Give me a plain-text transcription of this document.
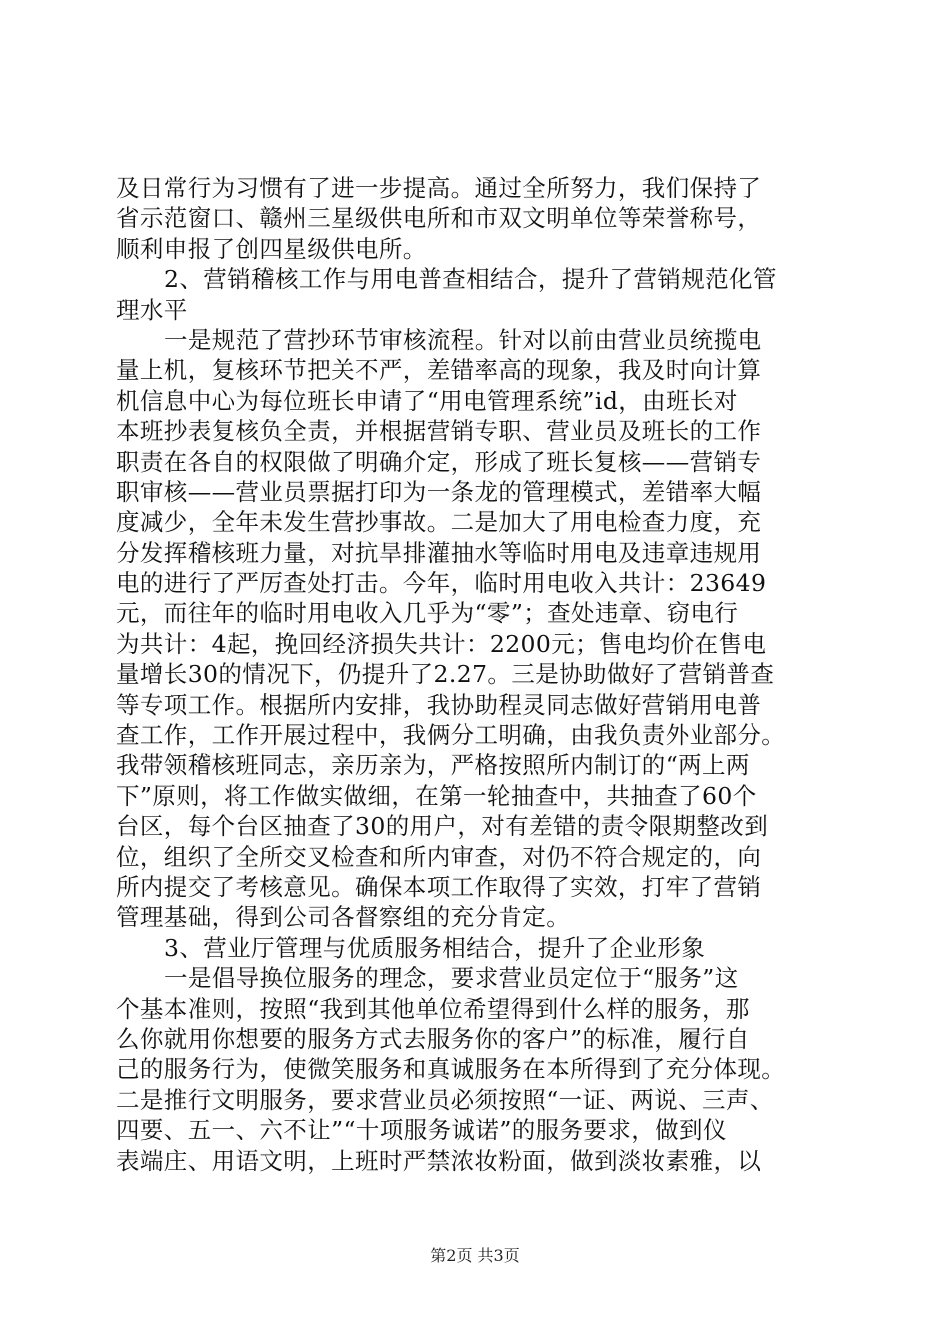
及日常行为习惯有了进一步提高。通过全所努力，我们保持了
省示范窗口、赣州三星级供电所和市双文明单位等荣誉称号，
顺利申报了创四星级供电所。
2、营销稽核工作与用电普查相结合，提升了营销规范化管
理水平
一是规范了营抄环节审核流程。针对以前由营业员统揽电
量上机，复核环节把关不严，差错率高的现象，我及时向计算
机信息中心为每位班长申请了“用电管理系统”id，由班长对
本班抄表复核负全责，并根据营销专职、营业员及班长的工作
职责在各自的权限做了明确介定，形成了班长复核——营销专
职审核——营业员票据打印为一条龙的管理模式，差错率大幅
度减少，全年未发生营抄事故。二是加大了用电检查力度，充
分发挥稽核班力量，对抗旱排灌抽水等临时用电及违章违规用
电的进行了严厉查处打击。今年，临时用电收入共计：23649
元，而往年的临时用电收入几乎为“零”；查处违章、窃电行
为共计：4起，挽回经济损失共计：2200元；售电均价在售电
量增长30的情况下，仍提升了2.27。三是协助做好了营销普查
等专项工作。根据所内安排，我协助程灵同志做好营销用电普
查工作，工作开展过程中，我俩分工明确，由我负责外业部分。
我带领稽核班同志，亲历亲为，严格按照所内制订的“两上两
下”原则，将工作做实做细，在第一轮抽查中，共抽查了60个
台区，每个台区抽查了30的用户，对有差错的责令限期整改到
位，组织了全所交叉检查和所内审查，对仍不符合规定的，向
所内提交了考核意见。确保本项工作取得了实效，打牢了营销
管理基础，得到公司各督察组的充分肯定。
3、营业厅管理与优质服务相结合，提升了企业形象
一是倡导换位服务的理念，要求营业员定位于“服务”这
个基本准则，按照“我到其他单位希望得到什么样的服务，那
么你就用你想要的服务方式去服务你的客户”的标准，履行自
己的服务行为，使微笑服务和真诚服务在本所得到了充分体现。
二是推行文明服务，要求营业员必须按照“一证、两说、三声、
四要、五一、六不让”“十项服务诚诺”的服务要求，做到仪
表端庄、用语文明，上班时严禁浓妆粉面，做到淡妆素雅，以
第2页 共3页
